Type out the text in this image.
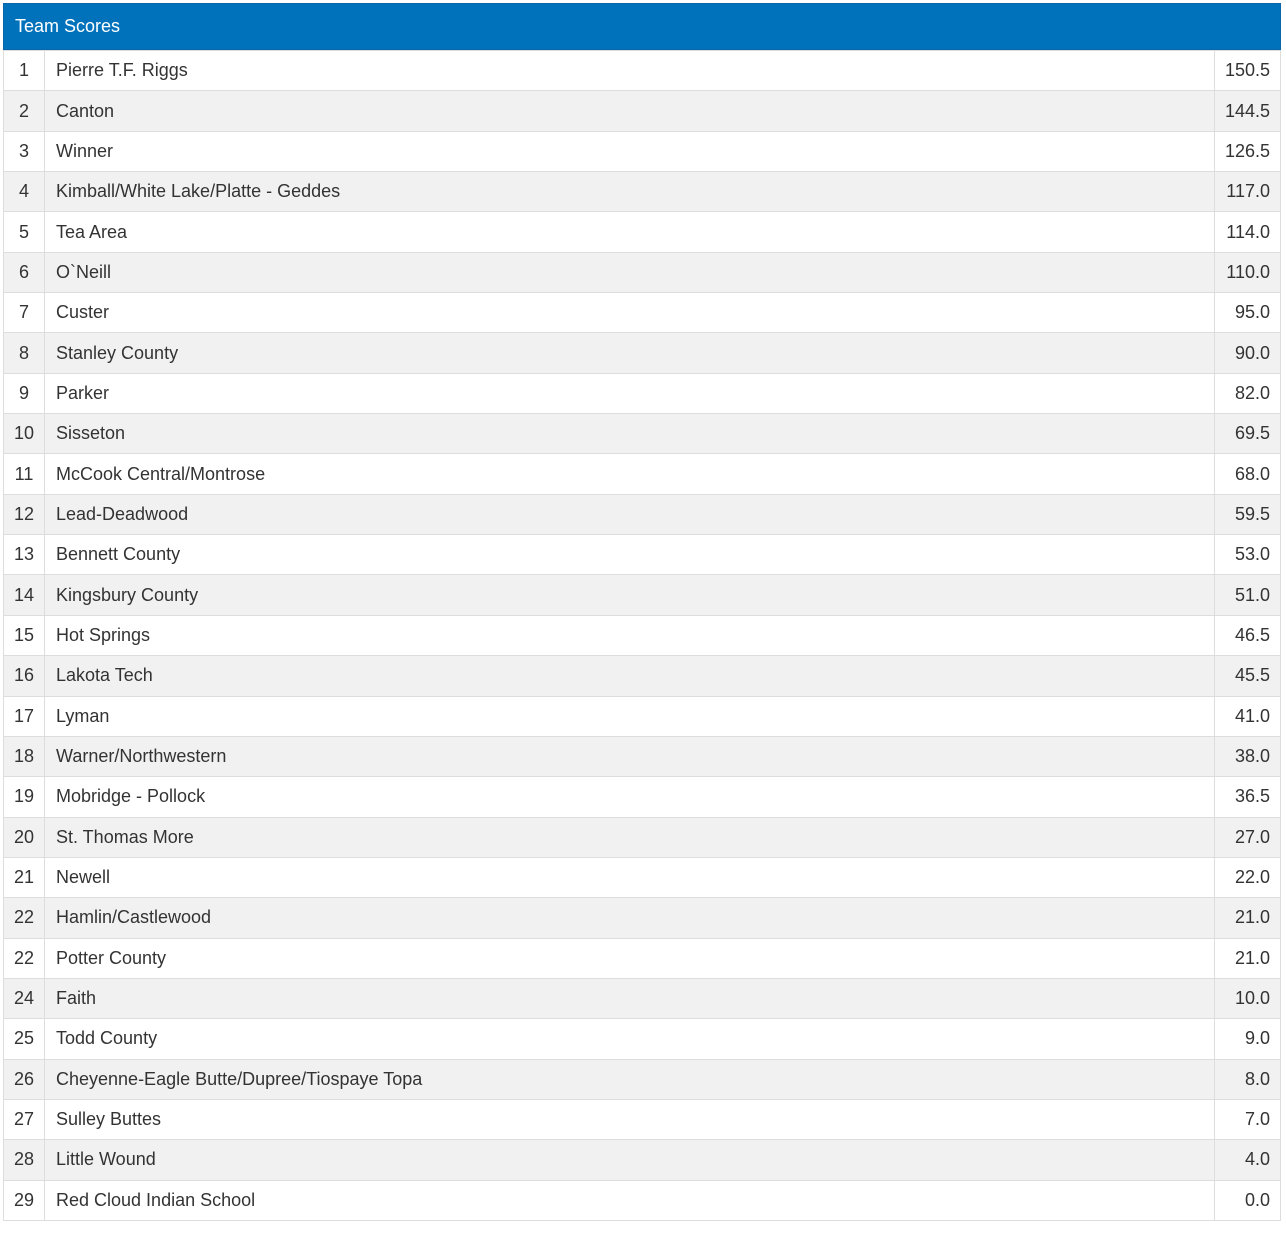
Team Scores
1	Pierre T.F. Riggs	150.5
2	Canton	144.5
3	Winner	126.5
4	Kimball/White Lake/Platte - Geddes	117.0
5	Tea Area	114.0
6	O`Neill	110.0
7	Custer	95.0
8	Stanley County	90.0
9	Parker	82.0
10	Sisseton	69.5
11	McCook Central/Montrose	68.0
12	Lead-Deadwood	59.5
13	Bennett County	53.0
14	Kingsbury County	51.0
15	Hot Springs	46.5
16	Lakota Tech	45.5
17	Lyman	41.0
18	Warner/Northwestern	38.0
19	Mobridge - Pollock	36.5
20	St. Thomas More	27.0
21	Newell	22.0
22	Hamlin/Castlewood	21.0
22	Potter County	21.0
24	Faith	10.0
25	Todd County	9.0
26	Cheyenne-Eagle Butte/Dupree/Tiospaye Topa	8.0
27	Sulley Buttes	7.0
28	Little Wound	4.0
29	Red Cloud Indian School	0.0
